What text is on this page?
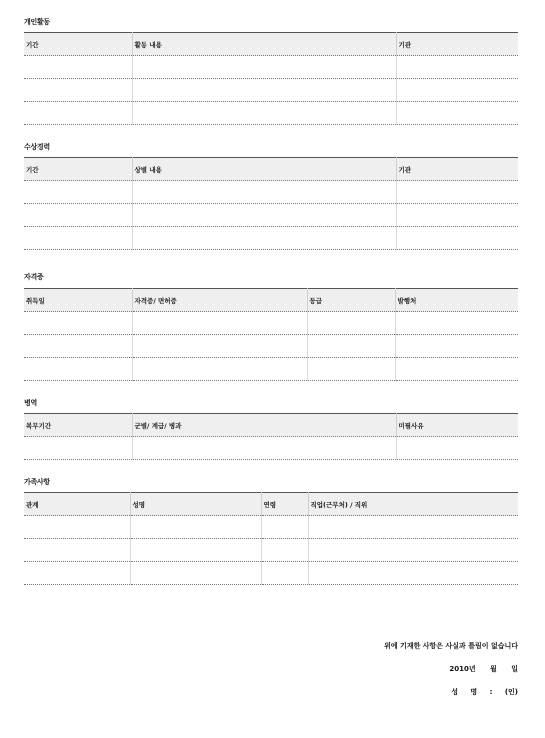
개인활동
기간	활동 내용	기관

수상경력
기간	상별 내용	기관

자격증
취득일	자격증/ 면허증	등급	발행처

병역
복무기간	군별/ 계급/ 병과	미필사유

가족사항
관계	성명	연령	직업(근무처) / 직위

위에 기재한 사항은 사실과 틀림이 없습니다
2010년 월 일
성 명 : (인)
